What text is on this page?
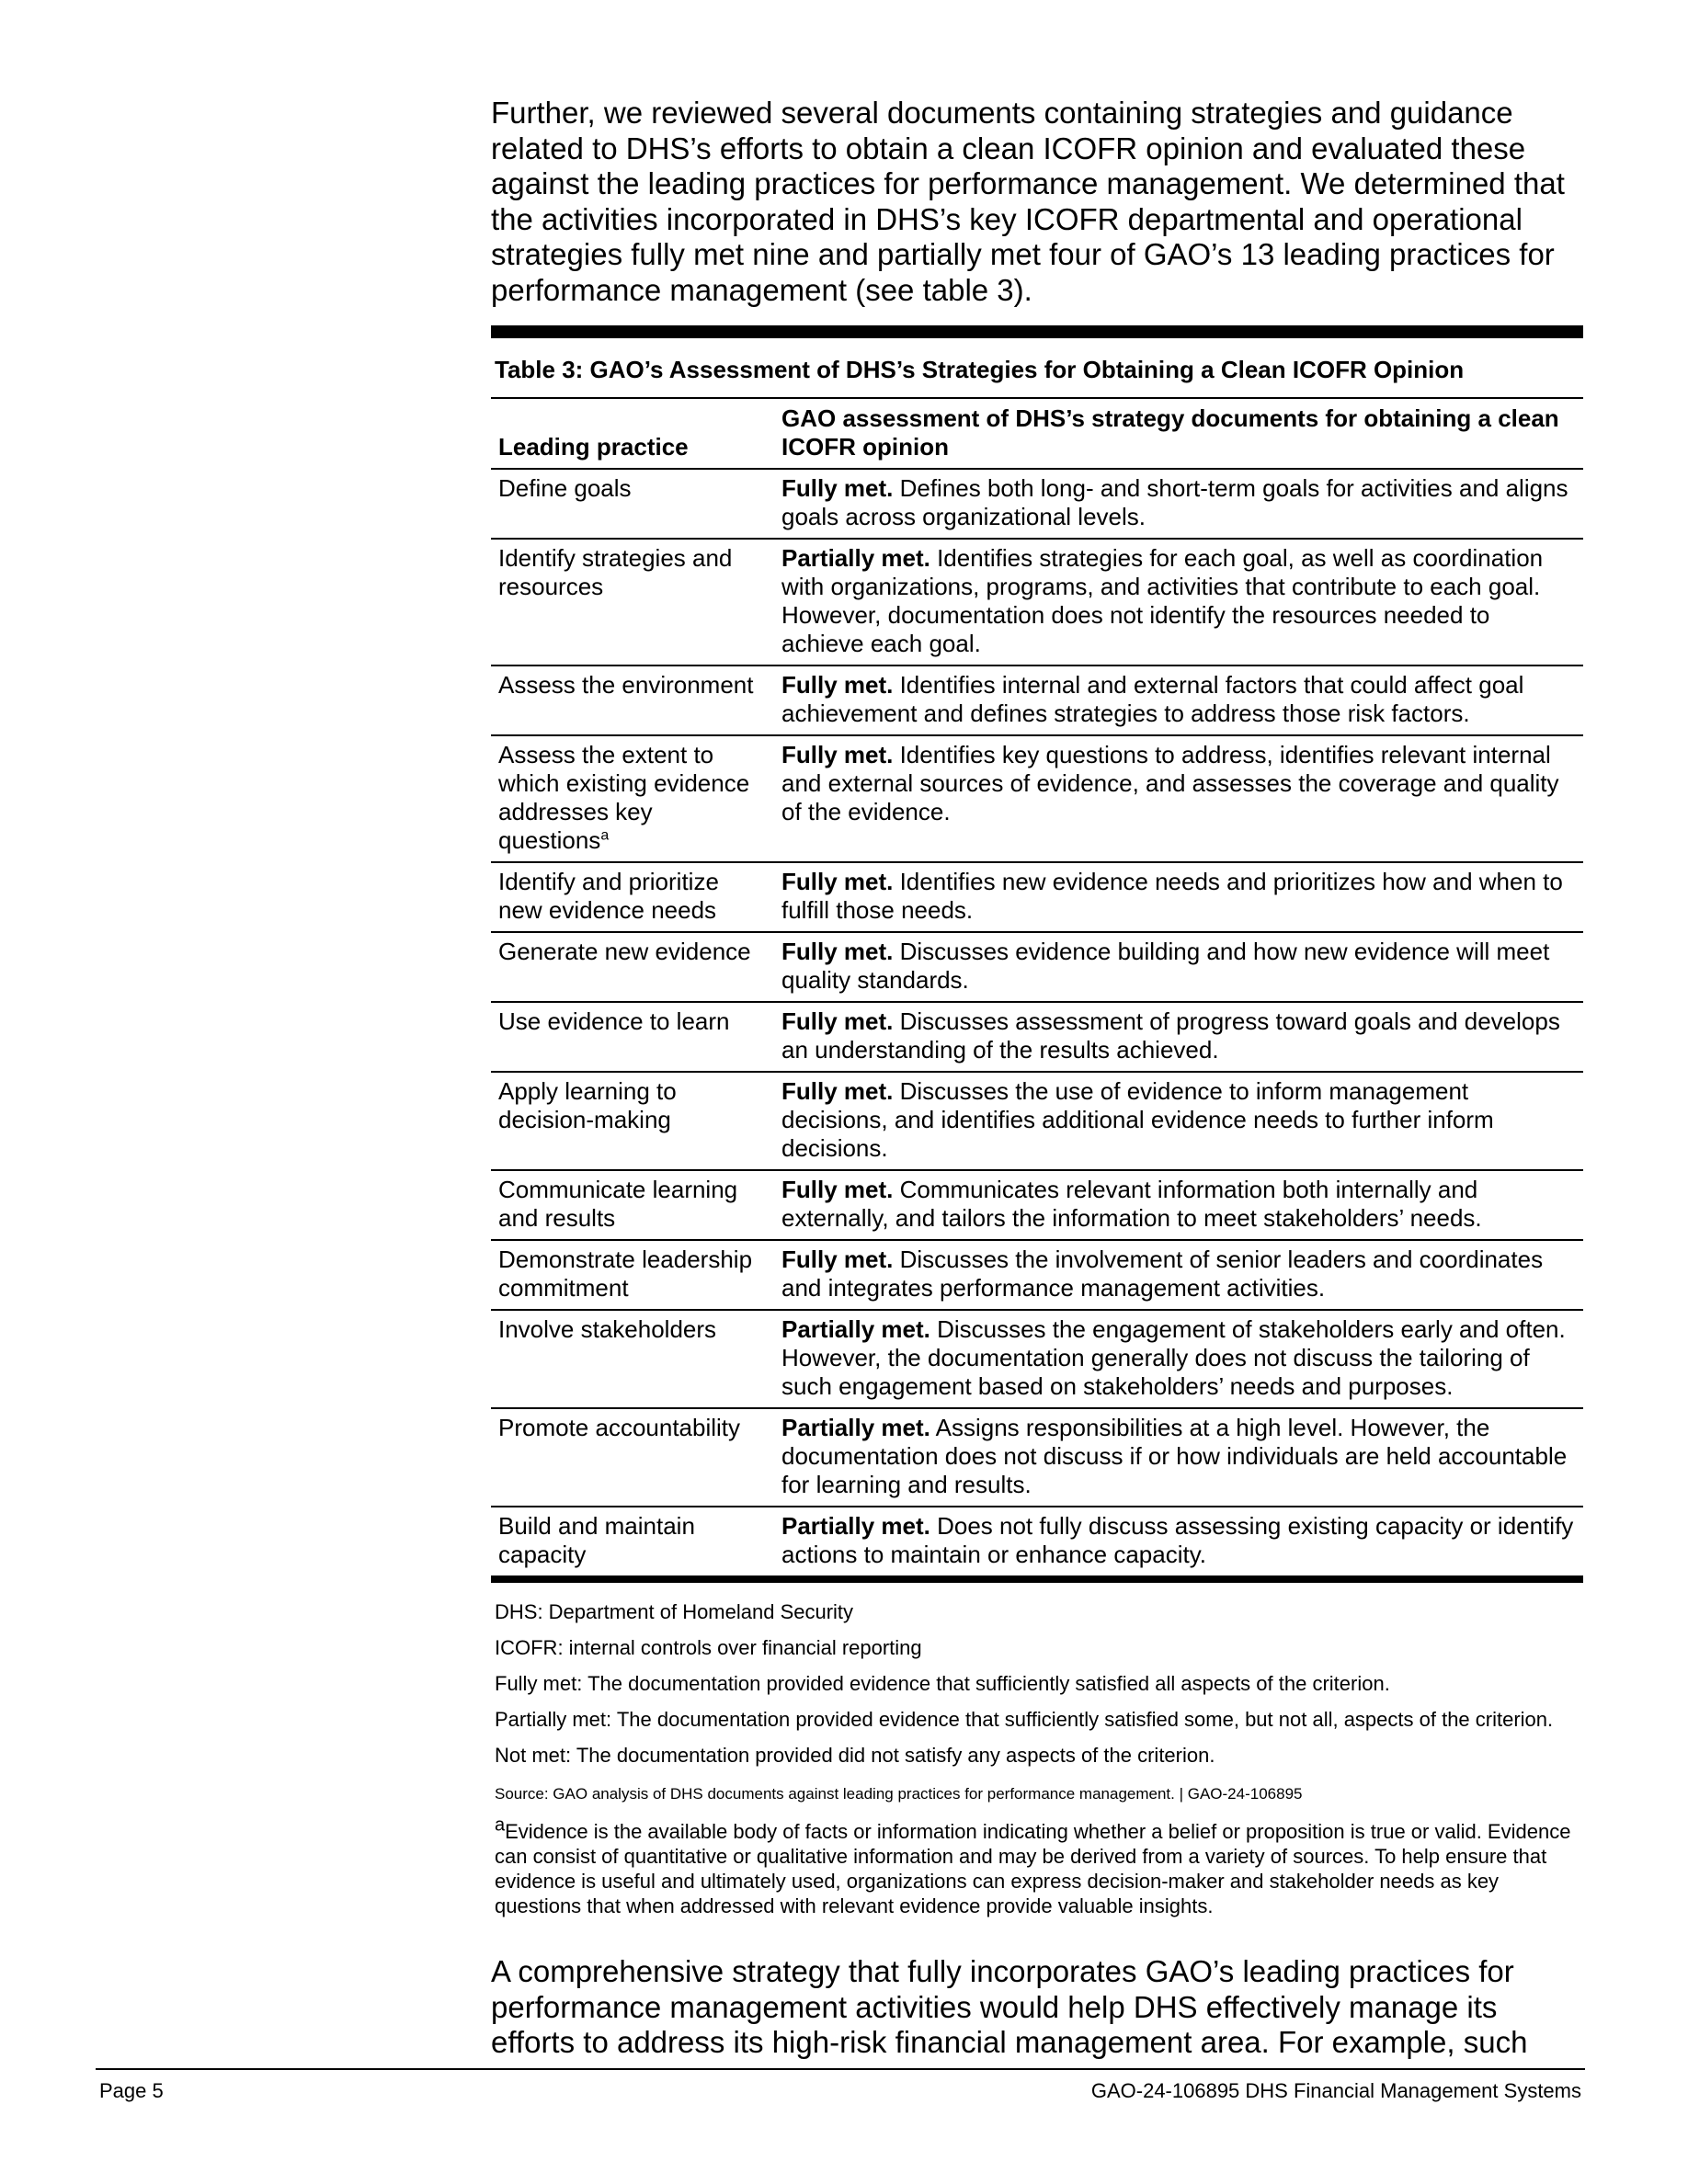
Further, we reviewed several documents containing strategies and guidance related to DHS’s efforts to obtain a clean ICOFR opinion and evaluated these against the leading practices for performance management. We determined that the activities incorporated in DHS’s key ICOFR departmental and operational strategies fully met nine and partially met four of GAO’s 13 leading practices for performance management (see table 3).

Table 3: GAO’s Assessment of DHS’s Strategies for Obtaining a Clean ICOFR Opinion
Leading practice	GAO assessment of DHS’s strategy documents for obtaining a clean ICOFR opinion
Define goals	Fully met. Defines both long- and short-term goals for activities and aligns goals across organizational levels.
Identify strategies and resources	Partially met. Identifies strategies for each goal, as well as coordination with organizations, programs, and activities that contribute to each goal. However, documentation does not identify the resources needed to achieve each goal.
Assess the environment	Fully met. Identifies internal and external factors that could affect goal achievement and defines strategies to address those risk factors.
Assess the extent to which existing evidence addresses key questions$^a$	Fully met. Identifies key questions to address, identifies relevant internal and external sources of evidence, and assesses the coverage and quality of the evidence.
Identify and prioritize new evidence needs	Fully met. Identifies new evidence needs and prioritizes how and when to fulfill those needs.
Generate new evidence	Fully met. Discusses evidence building and how new evidence will meet quality standards.
Use evidence to learn	Fully met. Discusses assessment of progress toward goals and develops an understanding of the results achieved.
Apply learning to decision-making	Fully met. Discusses the use of evidence to inform management decisions, and identifies additional evidence needs to further inform decisions.
Communicate learning and results	Fully met. Communicates relevant information both internally and externally, and tailors the information to meet stakeholders’ needs.
Demonstrate leadership commitment	Fully met. Discusses the involvement of senior leaders and coordinates and integrates performance management activities.
Involve stakeholders	Partially met. Discusses the engagement of stakeholders early and often. However, the documentation generally does not discuss the tailoring of such engagement based on stakeholders’ needs and purposes.
Promote accountability	Partially met. Assigns responsibilities at a high level. However, the documentation does not discuss if or how individuals are held accountable for learning and results.
Build and maintain capacity	Partially met. Does not fully discuss assessing existing capacity or identify actions to maintain or enhance capacity.

DHS: Department of Homeland Security

ICOFR: internal controls over financial reporting

Fully met: The documentation provided evidence that sufficiently satisfied all aspects of the criterion.

Partially met: The documentation provided evidence that sufficiently satisfied some, but not all, aspects of the criterion.

Not met: The documentation provided did not satisfy any aspects of the criterion.

Source: GAO analysis of DHS documents against leading practices for performance management. | GAO-24-106895

$^a$Evidence is the available body of facts or information indicating whether a belief or proposition is true or valid. Evidence can consist of quantitative or qualitative information and may be derived from a variety of sources. To help ensure that evidence is useful and ultimately used, organizations can express decision-maker and stakeholder needs as key questions that when addressed with relevant evidence provide valuable insights.

A comprehensive strategy that fully incorporates GAO’s leading practices for performance management activities would help DHS effectively manage its efforts to address its high-risk financial management area. For example, such

Page 5	GAO-24-106895 DHS Financial Management Systems
